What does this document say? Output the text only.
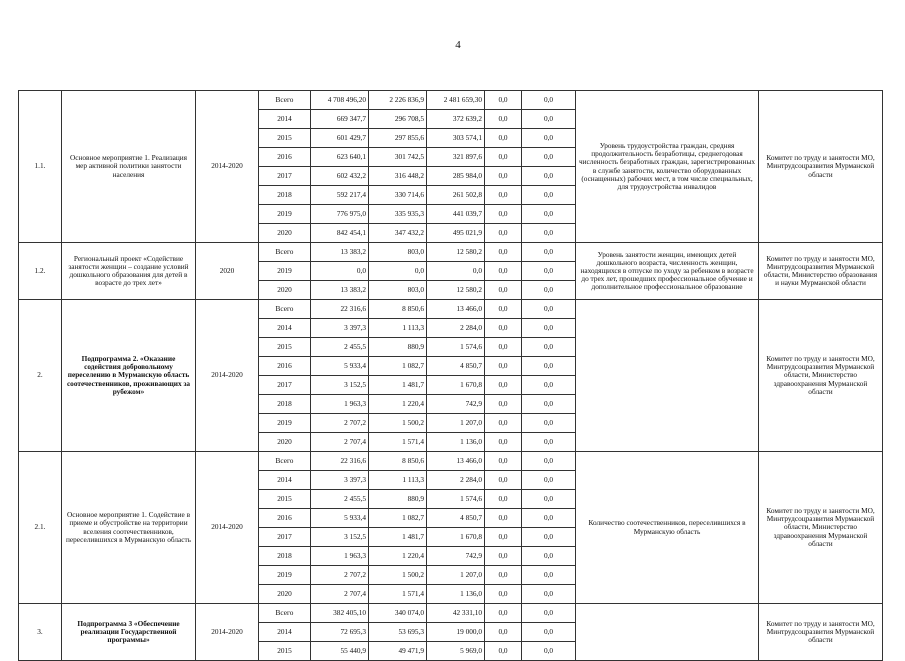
4
1.1.	Основное мероприятие 1. Реализация мер активной политики занятости населения	2014-2020	Всего	4 708 496,20	2 226 836,9	2 481 659,30	0,0	0,0	Уровень трудоустройства граждан, средняя продолжительность безработицы, среднегодовая численность безработных граждан, зарегистрированных в службе занятости, количество оборудованных (оснащенных) рабочих мест, в том числе специальных, для трудоустройства инвалидов	Комитет по труду и занятости МО, Минтрудсоцразвития Мурманской области
			2014	669 347,7	296 708,5	372 639,2	0,0	0,0		
			2015	601 429,7	297 855,6	303 574,1	0,0	0,0		
			2016	623 640,1	301 742,5	321 897,6	0,0	0,0		
			2017	602 432,2	316 448,2	285 984,0	0,0	0,0		
			2018	592 217,4	330 714,6	261 502,8	0,0	0,0		
			2019	776 975,0	335 935,3	441 039,7	0,0	0,0		
			2020	842 454,1	347 432,2	495 021,9	0,0	0,0		
1.2.	Региональный проект «Содействие занятости женщин – создание условий дошкольного образования для детей в возрасте до трех лет»	2020	Всего	13 383,2	803,0	12 580,2	0,0	0,0	Уровень занятости женщин, имеющих детей дошкольного возраста, численность женщин, находящихся в отпуске по уходу за ребенком в возрасте до трех лет, прошедших профессиональное обучение и дополнительное профессиональное образование	Комитет по труду и занятости МО, Минтрудсоцразвития Мурманской области, Министерство образования и науки Мурманской области
			2019	0,0	0,0	0,0	0,0	0,0		
			2020	13 383,2	803,0	12 580,2	0,0	0,0		
2.	Подпрограмма 2. «Оказание содействия добровольному переселению в Мурманскую область соотечественников, проживающих за рубежом»	2014-2020	Всего	22 316,6	8 850,6	13 466,0	0,0	0,0		Комитет по труду и занятости МО, Минтрудсоцразвития Мурманской области, Министерство здравоохранения Мурманской области
			2014	3 397,3	1 113,3	2 284,0	0,0	0,0		
			2015	2 455,5	880,9	1 574,6	0,0	0,0		
			2016	5 933,4	1 082,7	4 850,7	0,0	0,0		
			2017	3 152,5	1 481,7	1 670,8	0,0	0,0		
			2018	1 963,3	1 220,4	742,9	0,0	0,0		
			2019	2 707,2	1 500,2	1 207,0	0,0	0,0		
			2020	2 707,4	1 571,4	1 136,0	0,0	0,0		
2.1.	Основное мероприятие 1. Содействие в приеме и обустройстве на территории вселения соотечественников, переселившихся в Мурманскую область	2014-2020	Всего	22 316,6	8 850,6	13 466,0	0,0	0,0	Количество соотечественников, переселившихся в Мурманскую область	Комитет по труду и занятости МО, Минтрудсоцразвития Мурманской области, Министерство здравоохранения Мурманской области
			2014	3 397,3	1 113,3	2 284,0	0,0	0,0		
			2015	2 455,5	880,9	1 574,6	0,0	0,0		
			2016	5 933,4	1 082,7	4 850,7	0,0	0,0		
			2017	3 152,5	1 481,7	1 670,8	0,0	0,0		
			2018	1 963,3	1 220,4	742,9	0,0	0,0		
			2019	2 707,2	1 500,2	1 207,0	0,0	0,0		
			2020	2 707,4	1 571,4	1 136,0	0,0	0,0		
3.	Подпрограмма 3 «Обеспечение реализации Государственной программы»	2014-2020	Всего	382 405,10	340 074,0	42 331,10	0,0	0,0		Комитет по труду и занятости МО, Минтрудсоцразвития Мурманской области
			2014	72 695,3	53 695,3	19 000,0	0,0	0,0		
			2015	55 440,9	49 471,9	5 969,0	0,0	0,0		
